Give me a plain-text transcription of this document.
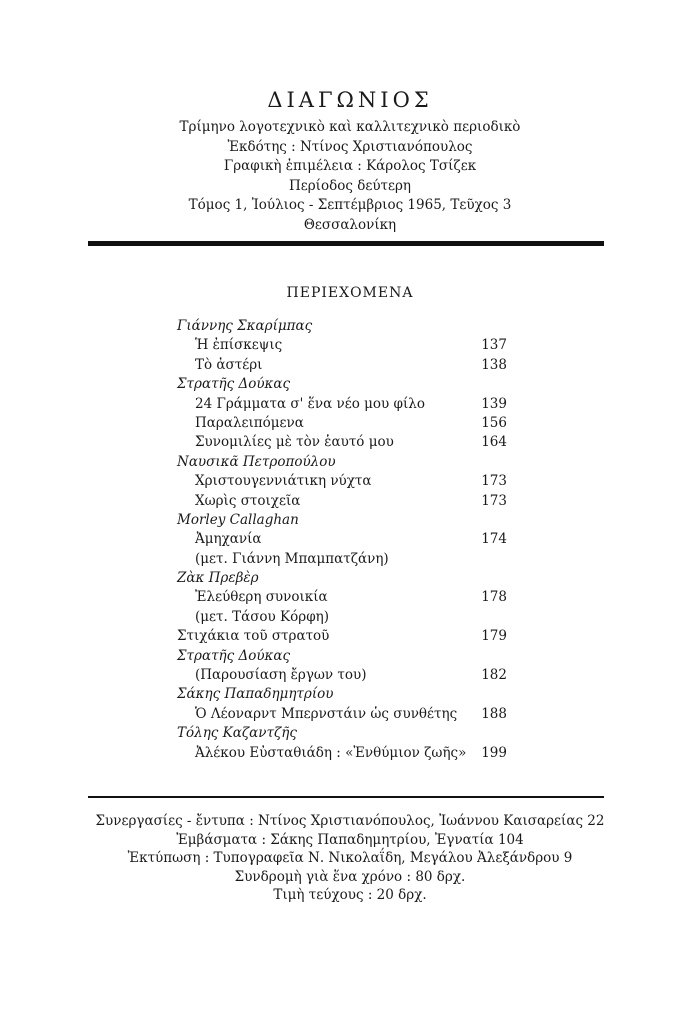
ΔΙΑΓΩΝΙΟΣ
Τρίμηνο λογοτεχνικὸ καὶ καλλιτεχνικὸ περιοδικὸ
Ἐκδότης : Ντίνος Χριστιανόπουλος
Γραφικὴ ἐπιμέλεια : Κάρολος Τσίζεκ
Περίοδος δεύτερη
Τόμος 1, Ἰούλιος - Σεπτέμβριος 1965, Τεῦχος 3
Θεσσαλονίκη
ΠΕΡΙΕΧΟΜΕΝΑ
Γιάννης Σκαρίμπας
Ἡ ἐπίσκεψις	137
Τὸ ἀστέρι	138
Στρατῆς Δούκας
24 Γράμματα σ' ἕνα νέο μου φίλο	139
Παραλειπόμενα	156
Συνομιλίες μὲ τὸν ἑαυτό μου	164
Ναυσικᾶ Πετροπούλου
Χριστουγεννιάτικη νύχτα	173
Χωρὶς στοιχεῖα	173
Morley Callaghan
Ἀμηχανία	174
(μετ. Γιάννη Μπαμπατζάνη)
Ζὰκ Πρεβὲρ
Ἐλεύθερη συνοικία	178
(μετ. Τάσου Κόρφη)
Στιχάκια τοῦ στρατοῦ	179
Στρατῆς Δούκας
(Παρουσίαση ἔργων του)	182
Σάκης Παπαδημητρίου
Ὁ Λέοναρντ Μπερνστάιν ὡς συνθέτης 188
Τόλης Καζαντζῆς
Ἀλέκου Εὐσταθιάδη : «Ἐνθύμιον ζωῆς» 199
Συνεργασίες - ἔντυπα : Ντίνος Χριστιανόπουλος, Ἰωάννου Καισαρείας 22
Ἐμβάσματα : Σάκης Παπαδημητρίου, Ἐγνατία 104
Ἐκτύπωση : Τυπογραφεῖα Ν. Νικολαΐδη, Μεγάλου Ἀλεξάνδρου 9
Συνδρομὴ γιὰ ἕνα χρόνο : 80 δρχ.
Τιμὴ τεύχους : 20 δρχ.
